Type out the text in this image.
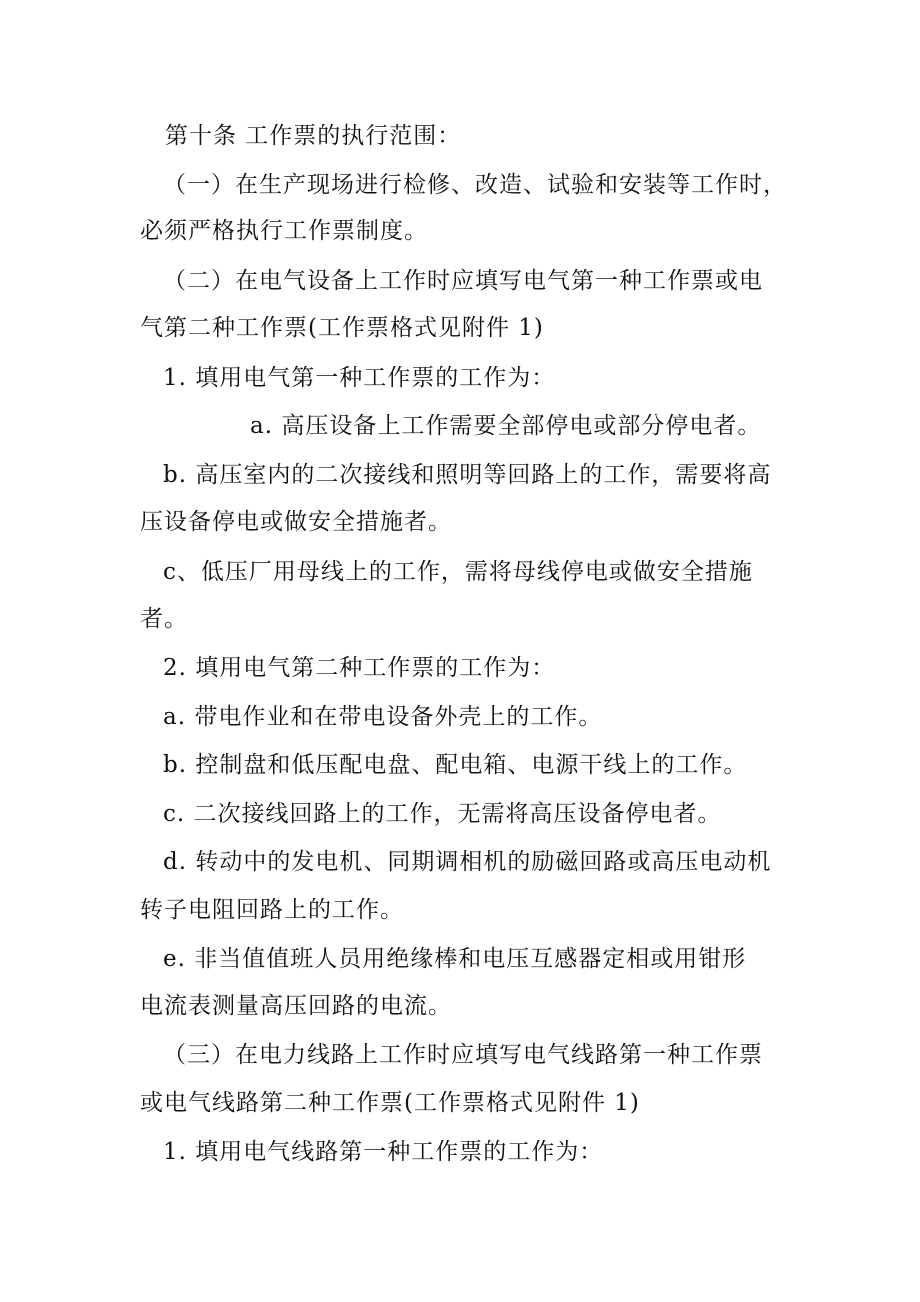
第十条 工作票的执行范围：
（一）在生产现场进行检修、改造、试验和安装等工作时，
必须严格执行工作票制度。
（二）在电气设备上工作时应填写电气第一种工作票或电
气第二种工作票(工作票格式见附件 1)
1. 填用电气第一种工作票的工作为：
a. 高压设备上工作需要全部停电或部分停电者。
b. 高压室内的二次接线和照明等回路上的工作，需要将高
压设备停电或做安全措施者。
c、低压厂用母线上的工作，需将母线停电或做安全措施
者。
2. 填用电气第二种工作票的工作为：
a. 带电作业和在带电设备外壳上的工作。
b. 控制盘和低压配电盘、配电箱、电源干线上的工作。
c. 二次接线回路上的工作，无需将高压设备停电者。
d. 转动中的发电机、同期调相机的励磁回路或高压电动机
转子电阻回路上的工作。
e. 非当值值班人员用绝缘棒和电压互感器定相或用钳形
电流表测量高压回路的电流。
（三）在电力线路上工作时应填写电气线路第一种工作票
或电气线路第二种工作票(工作票格式见附件 1)
1. 填用电气线路第一种工作票的工作为：
